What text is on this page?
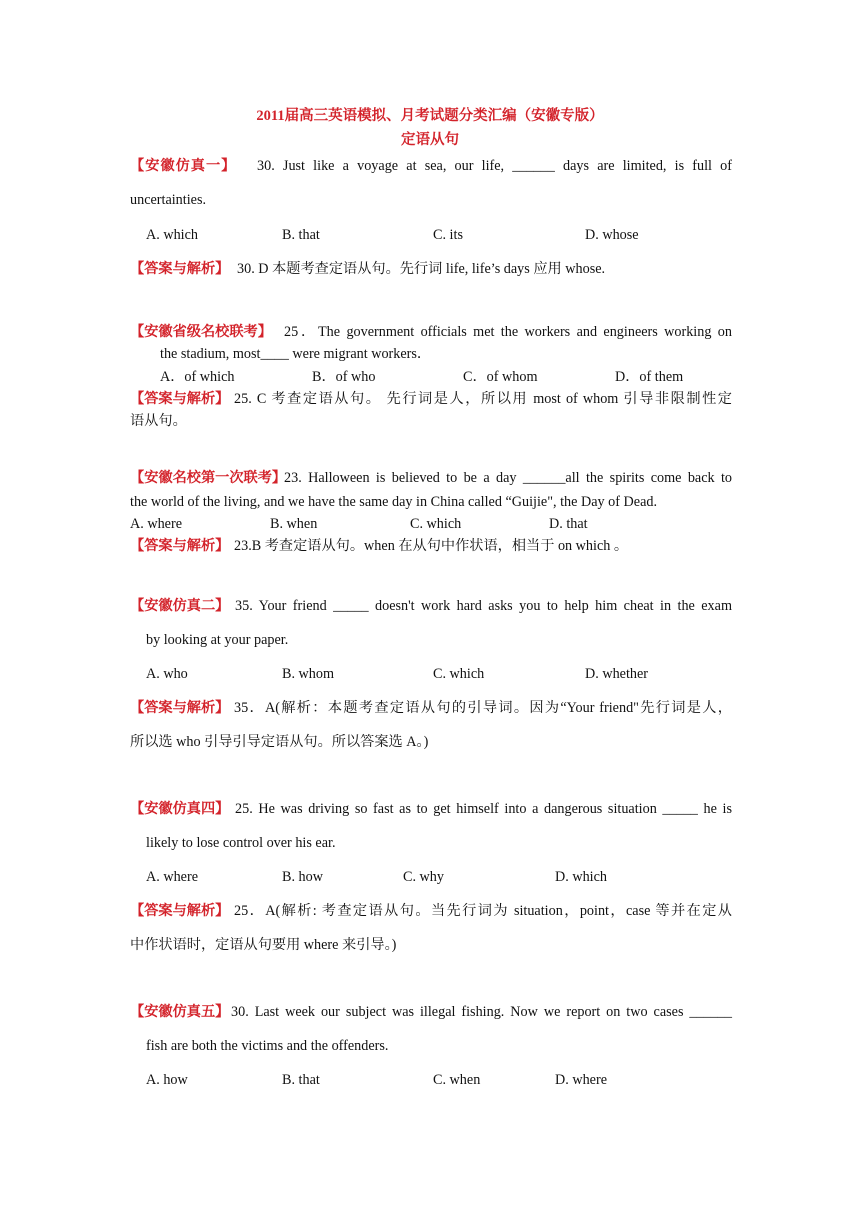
2011届高三英语模拟、月考试题分类汇编（安徽专版）
定语从句
【安徽仿真一】 30. Just like a voyage at sea, our life, ______ days are limited, is full of
uncertainties.
A. which	B. that	C. its	D. whose
【答案与解析】 30. D 本题考查定语从句。先行词 life, life’s days 应用 whose.
【安徽省级名校联考】 25．The government officials met the workers and engineers working on
the stadium, most____ were migrant workers．
A．of which	B．of who	C．of whom	D．of them
【答案与解析】 25. C 考查定语从句。 先行词是人，所以用 most of whom 引导非限制性定
语从句。
【安徽名校第一次联考】
23. Halloween is believed to be a day ______all the spirits come back to
the world of the living, and we have the same day in China called “Guijie", the Day of Dead.
A. where	B. when	C. which	D. that
【答案与解析】 23.B 考查定语从句。when 在从句中作状语，相当于 on which 。
【安徽仿真二】 35. Your friend _____ doesn't work hard asks you to help him cheat in the exam
by looking at your paper.
A. who	B. whom	C. which	D. whether
【答案与解析】 35．A(解析：本题考查定语从句的引导词。因为“Your friend"先行词是人，
所以选 who 引导引导定语从句。所以答案选 A。)
【安徽仿真四】 25. He was driving so fast as to get himself into a dangerous situation _____ he is
likely to lose control over his ear.
A. where	B. how	C. why	D. which
【答案与解析】 25．A(解析: 考查定语从句。当先行词为 situation，point，case 等并在定从
中作状语时，定语从句要用 where 来引导。)
【安徽仿真五】 30. Last week our subject was illegal fishing. Now we report on two cases ______
fish are both the victims and the offenders.
A. how	B. that	C. when	D. where
